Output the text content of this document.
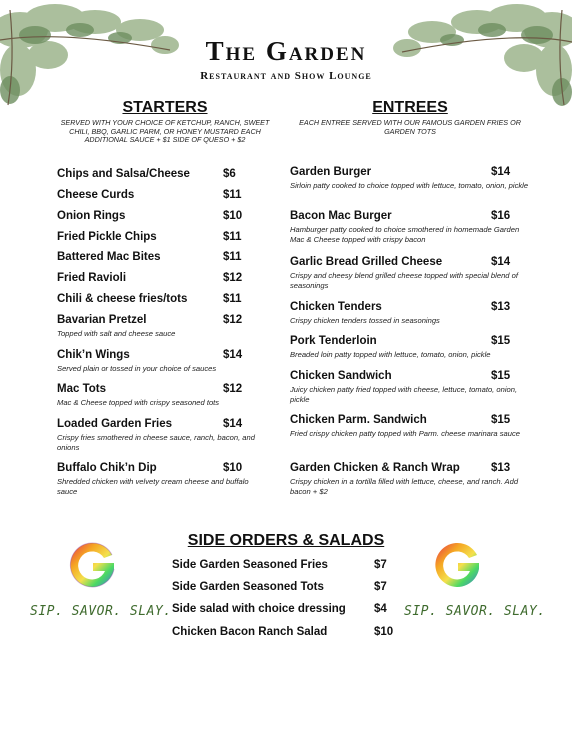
The Garden
Restaurant and Show Lounge
STARTERS
SERVED WITH YOUR CHOICE OF KETCHUP, RANCH, SWEET CHILI, BBQ, GARLIC PARM, OR HONEY MUSTARD EACH ADDITIONAL SAUCE + $1 SIDE OF QUESO + $2
Chips and Salsa/Cheese	$6
Cheese Curds	$11
Onion Rings	$10
Fried Pickle Chips	$11
Battered Mac Bites	$11
Fried Ravioli	$12
Chili & cheese fries/tots	$11
Bavarian Pretzel	$12
Topped with salt and cheese sauce
Chik’n Wings	$14
Served plain or tossed in your choice of sauces
Mac Tots	$12
Mac & Cheese topped with crispy seasoned tots
Loaded Garden Fries	$14
Crispy fries smothered in cheese sauce, ranch, bacon, and onions
Buffalo Chik’n Dip	$10
Shredded chicken with velvety cream cheese and buffalo sauce
ENTREES
EACH ENTREE SERVED WITH OUR FAMOUS GARDEN FRIES OR GARDEN TOTS
Garden Burger	$14
Sirloin patty cooked to choice topped with lettuce, tomato, onion, pickle
Bacon Mac Burger	$16
Hamburger patty cooked to choice smothered in homemade Garden Mac & Cheese topped with crispy bacon
Garlic Bread Grilled Cheese	$14
Crispy and cheesy blend grilled cheese topped with special blend of seasonings
Chicken Tenders	$13
Crispy chicken tenders tossed in seasonings
Pork Tenderloin	$15
Breaded loin patty topped with lettuce, tomato, onion, pickle
Chicken Sandwich	$15
Juicy chicken patty fried topped with cheese, lettuce, tomato, onion, pickle
Chicken Parm. Sandwich	$15
Fried crispy chicken patty topped with Parm. cheese marinara sauce
Garden Chicken & Ranch Wrap	$13
Crispy chicken in a tortilla filled with lettuce, cheese, and ranch. Add bacon + $2
SIDE ORDERS & SALADS
Side Garden Seasoned Fries	$7
Side Garden Seasoned Tots	$7
Side salad with choice dressing $4
Chicken Bacon Ranch Salad	$10
SIP. SAVOR. SLAY.	SIP. SAVOR. SLAY.
